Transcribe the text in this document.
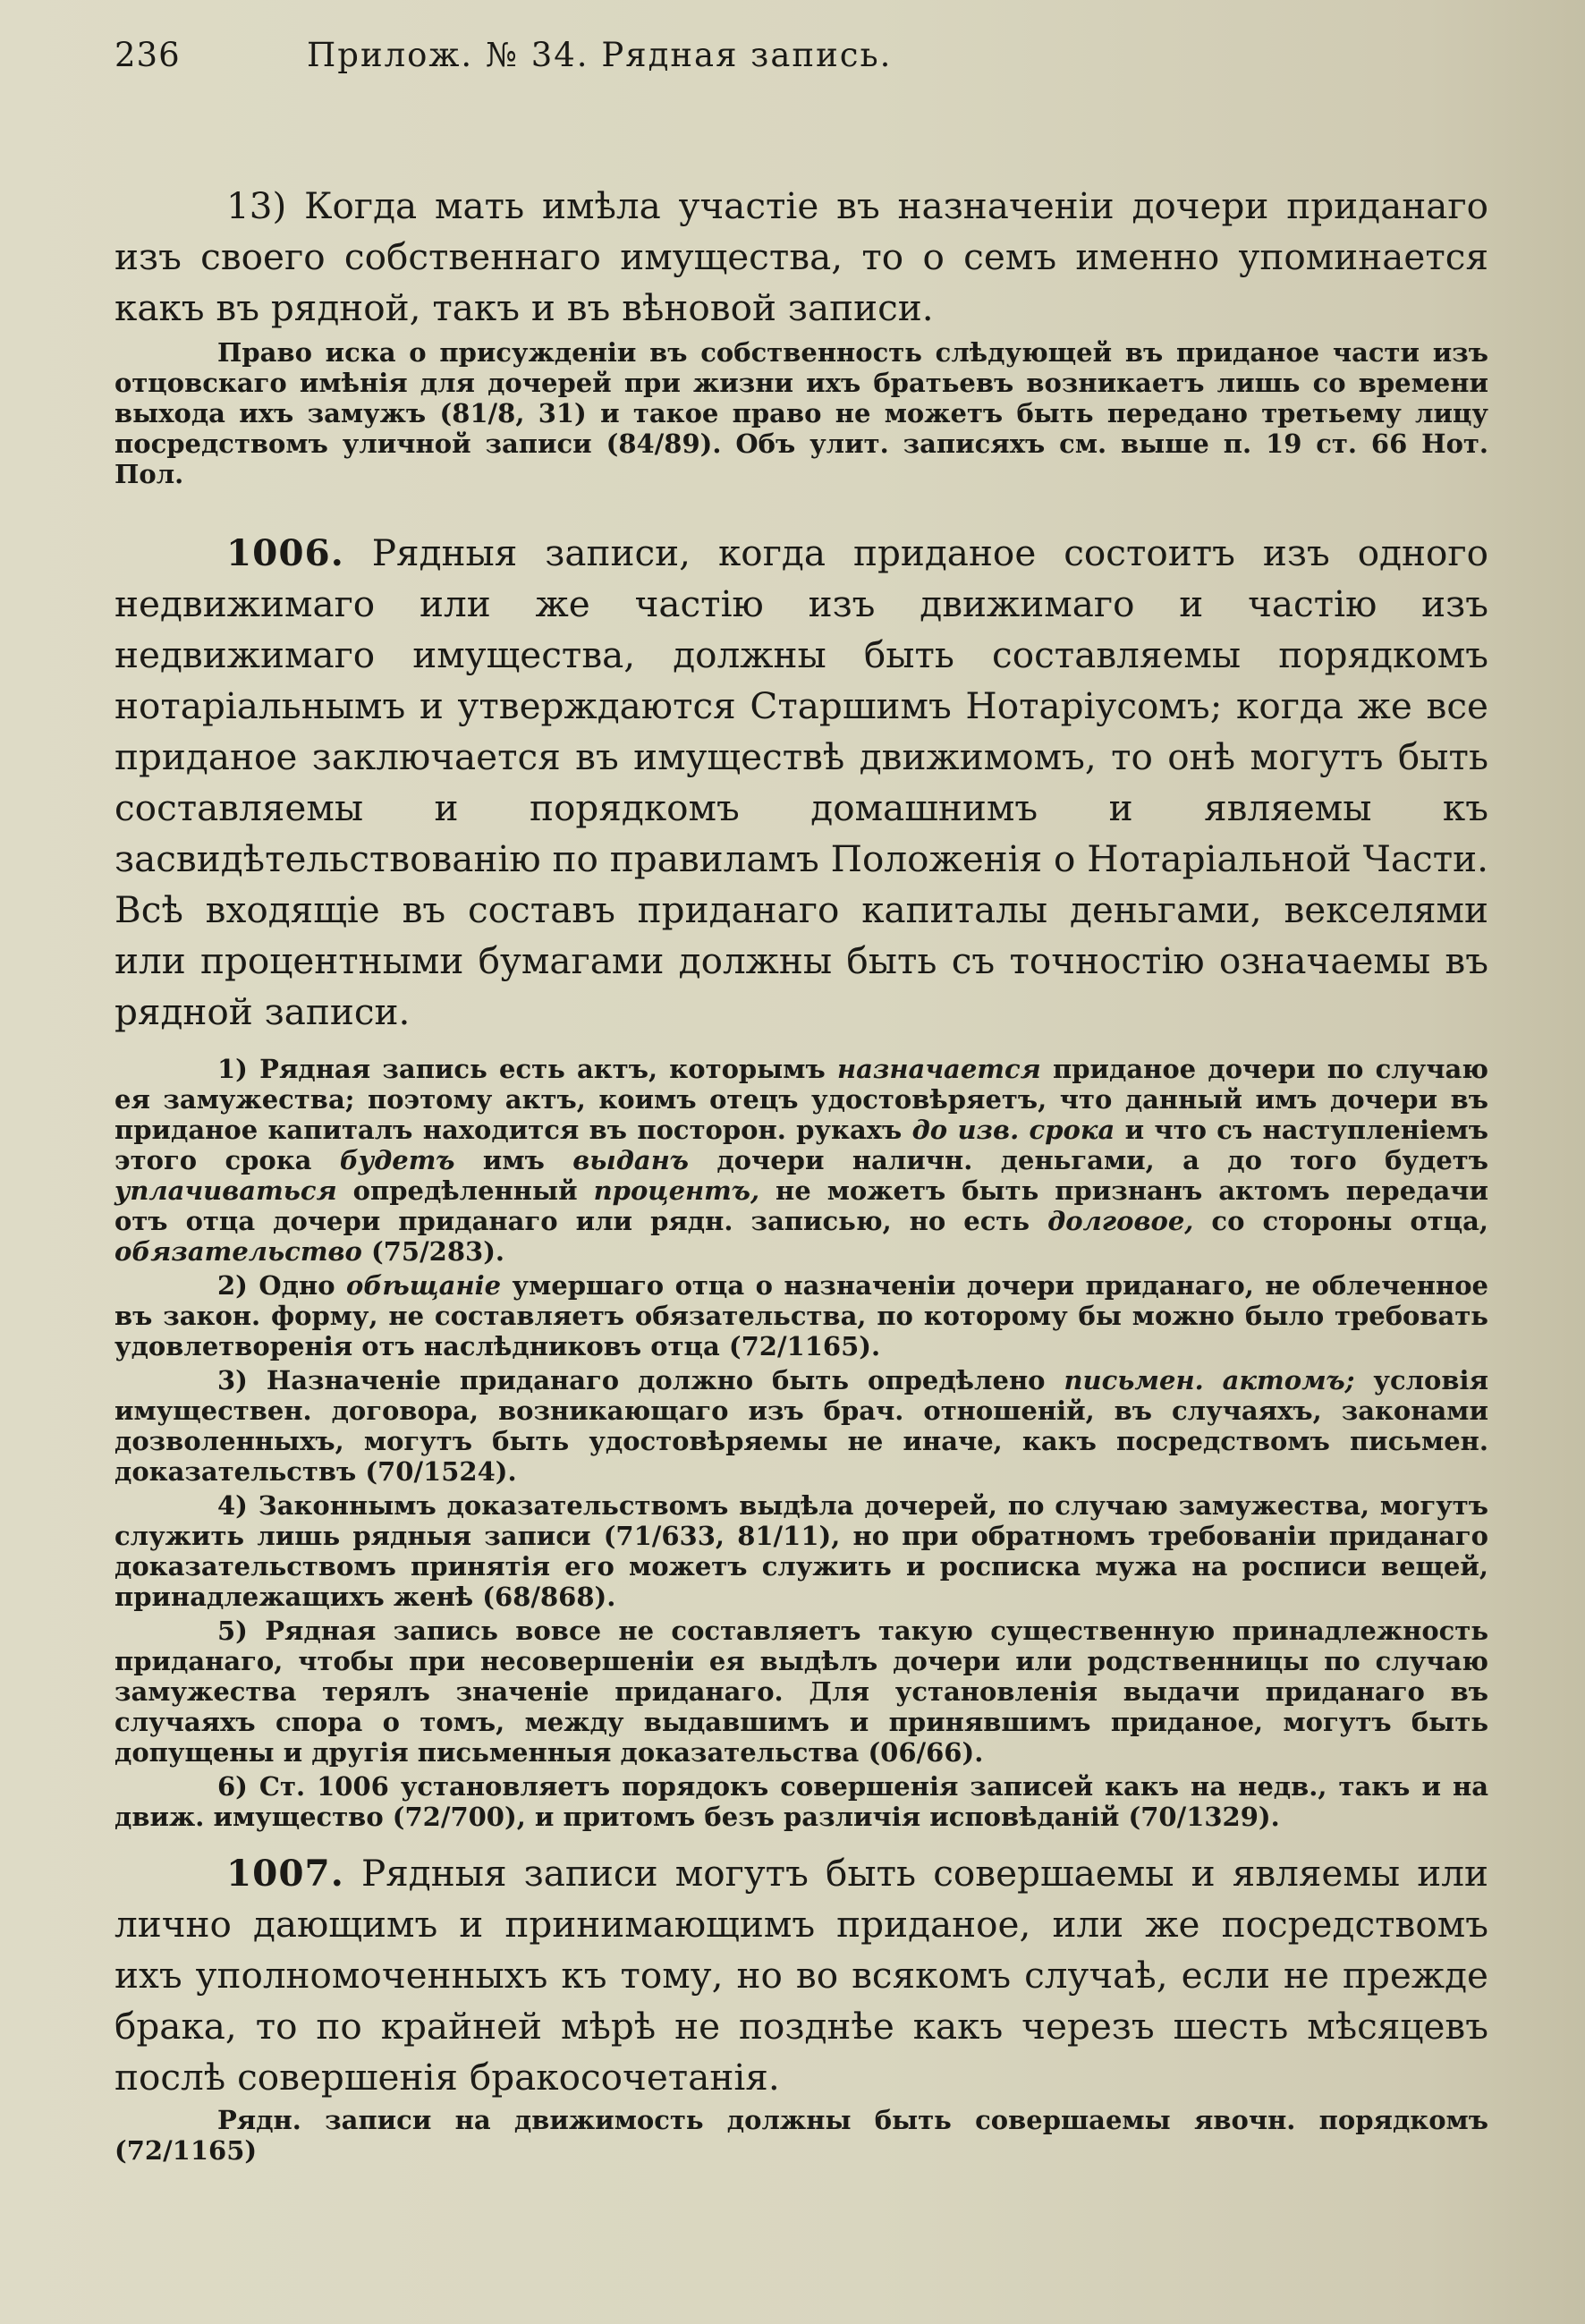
236	Прилож. № 34. Рядная запись.

13) Когда мать имѣла участіе въ назначеніи дочери приданаго изъ своего собственнаго имущества, то о семъ именно упоминается какъ въ рядной, такъ и въ вѣновой записи.

Право иска о присужденіи въ собственность слѣдующей въ приданое части изъ отцовскаго имѣнія для дочерей при жизни ихъ братьевъ возникаетъ лишь со времени выхода ихъ замужъ (81/8, 31) и такое право не можетъ быть передано третьему лицу посредствомъ уличной записи (84/89). Объ улит. записяхъ см. выше п. 19 ст. 66 Нот. Пол.

1006. Рядныя записи, когда приданое состоитъ изъ одного недвижимаго или же частію изъ движимаго и частію изъ недвижимаго имущества, должны быть составляемы порядкомъ нотаріальнымъ и утверждаются Старшимъ Нотаріусомъ; когда же все приданое заключается въ имуществѣ движимомъ, то онѣ могутъ быть составляемы и порядкомъ домашнимъ и являемы къ засвидѣтельствованію по правиламъ Положенія о Нотаріальной Части. Всѣ входящіе въ составъ приданаго капиталы деньгами, векселями или процентными бумагами должны быть съ точностію означаемы въ рядной записи.

1) Рядная запись есть актъ, которымъ назначается приданое дочери по случаю ея замужества; поэтому актъ, коимъ отецъ удостовѣряетъ, что данный имъ дочери въ приданое капиталъ находится въ посторон. рукахъ до изв. срока и что съ наступленіемъ этого срока будетъ имъ выданъ дочери наличн. деньгами, а до того будетъ уплачиваться опредѣленный процентъ, не можетъ быть признанъ актомъ передачи отъ отца дочери приданаго или рядн. записью, но есть долговое, со стороны отца, обязательство (75/283).

2) Одно обѣщаніе умершаго отца о назначеніи дочери приданаго, не облеченное въ закон. форму, не составляетъ обязательства, по которому бы можно было требовать удовлетворенія отъ наслѣдниковъ отца (72/1165).

3) Назначеніе приданаго должно быть опредѣлено письмен. актомъ; условія имуществен. договора, возникающаго изъ брач. отношеній, въ случаяхъ, законами дозволенныхъ, могутъ быть удостовѣряемы не иначе, какъ посредствомъ письмен. доказательствъ (70/1524).

4) Законнымъ доказательствомъ выдѣла дочерей, по случаю замужества, могутъ служить лишь рядныя записи (71/633, 81/11), но при обратномъ требованіи приданаго доказательствомъ принятія его можетъ служить и росписка мужа на росписи вещей, принадлежащихъ женѣ (68/868).

5) Рядная запись вовсе не составляетъ такую существенную принадлежность приданаго, чтобы при несовершеніи ея выдѣлъ дочери или родственницы по случаю замужества терялъ значеніе приданаго. Для установленія выдачи приданаго въ случаяхъ спора о томъ, между выдавшимъ и принявшимъ приданое, могутъ быть допущены и другія письменныя доказательства (06/66).

6) Ст. 1006 установляетъ порядокъ совершенія записей какъ на недв., такъ и на движ. имущество (72/700), и притомъ безъ различія исповѣданій (70/1329).

1007. Рядныя записи могутъ быть совершаемы и являемы или лично дающимъ и принимающимъ приданое, или же посредствомъ ихъ уполномоченныхъ къ тому, но во всякомъ случаѣ, если не прежде брака, то по крайней мѣрѣ не позднѣе какъ черезъ шесть мѣсяцевъ послѣ совершенія бракосочетанія.

Рядн. записи на движимость должны быть совершаемы явочн. порядкомъ (72/1165)
